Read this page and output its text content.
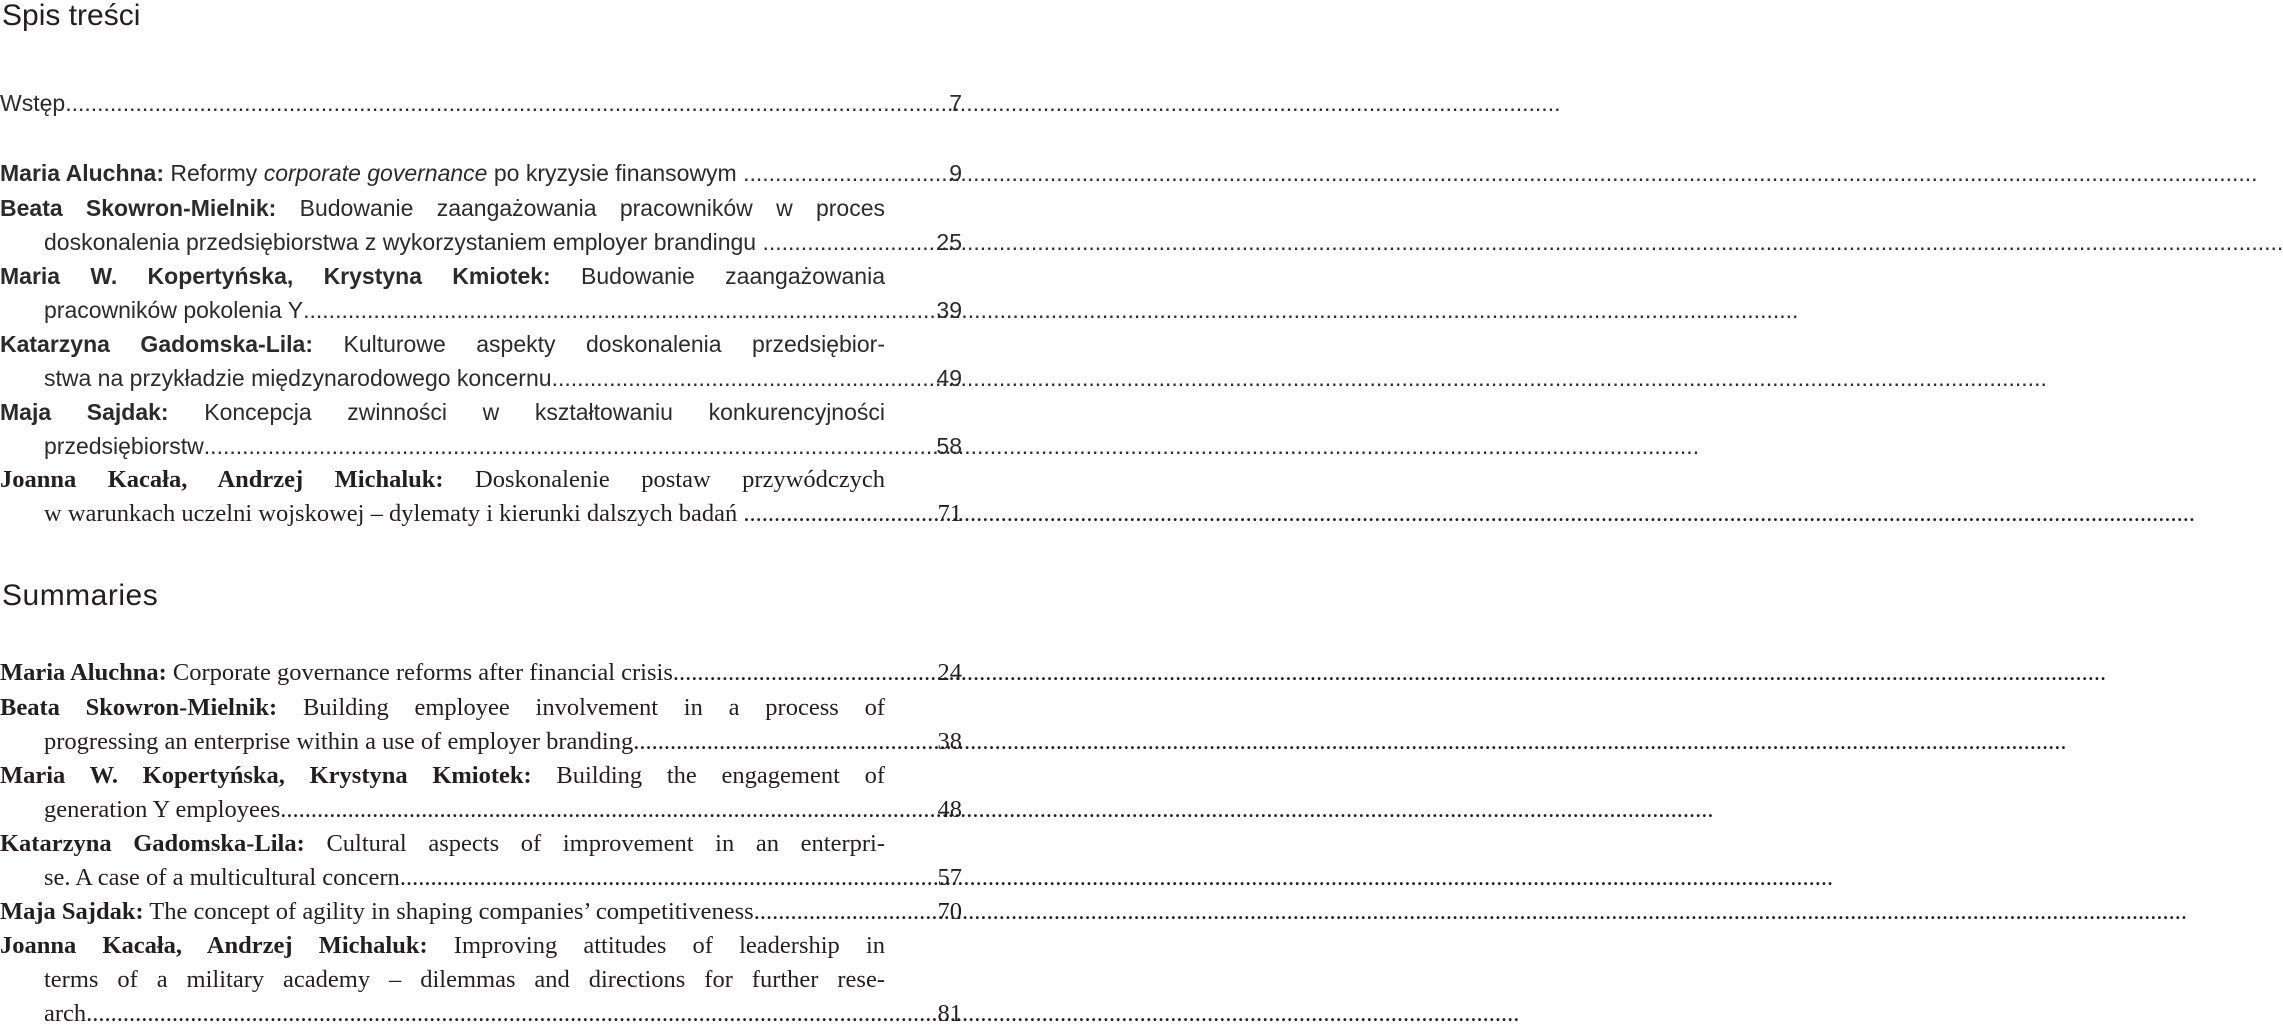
Spis treści
Wstęp .....	7
Maria Aluchna: Reformy corporate governance po kryzysie finansowym ... .....	9
Beata Skowron-Mielnik: Budowanie zaangażowania pracowników w proces
doskonalenia przedsiębiorstwa z wykorzystaniem employer brandingu .... .....	25
Maria W. Kopertyńska, Krystyna Kmiotek: Budowanie zaangażowania
pracowników pokolenia Y .....	39
Katarzyna Gadomska-Lila: Kulturowe aspekty doskonalenia przedsiębior-
stwa na przykładzie międzynarodowego koncernu .....	49
Maja Sajdak: Koncepcja zwinności w kształtowaniu konkurencyjności
przedsiębiorstw .....	58
Joanna Kacała, Andrzej Michaluk: Doskonalenie postaw przywódczych
w warunkach uczelni wojskowej – dylematy i kierunki dalszych badań ... .....	71
Summaries
Maria Aluchna: Corporate governance reforms after financial crisis .....	24
Beata Skowron-Mielnik: Building employee involvement in a process of
progressing an enterprise within a use of employer branding .....	38
Maria W. Kopertyńska, Krystyna Kmiotek: Building the engagement of
generation Y employees .....	48
Katarzyna Gadomska-Lila: Cultural aspects of improvement in an enterpri-
se. A case of a multicultural concern .....	57
Maja Sajdak: The concept of agility in shaping companies’ competitiveness .....	70
Joanna Kacała, Andrzej Michaluk: Improving attitudes of leadership in
terms of a military academy – dilemmas and directions for further rese-
arch .....	81
